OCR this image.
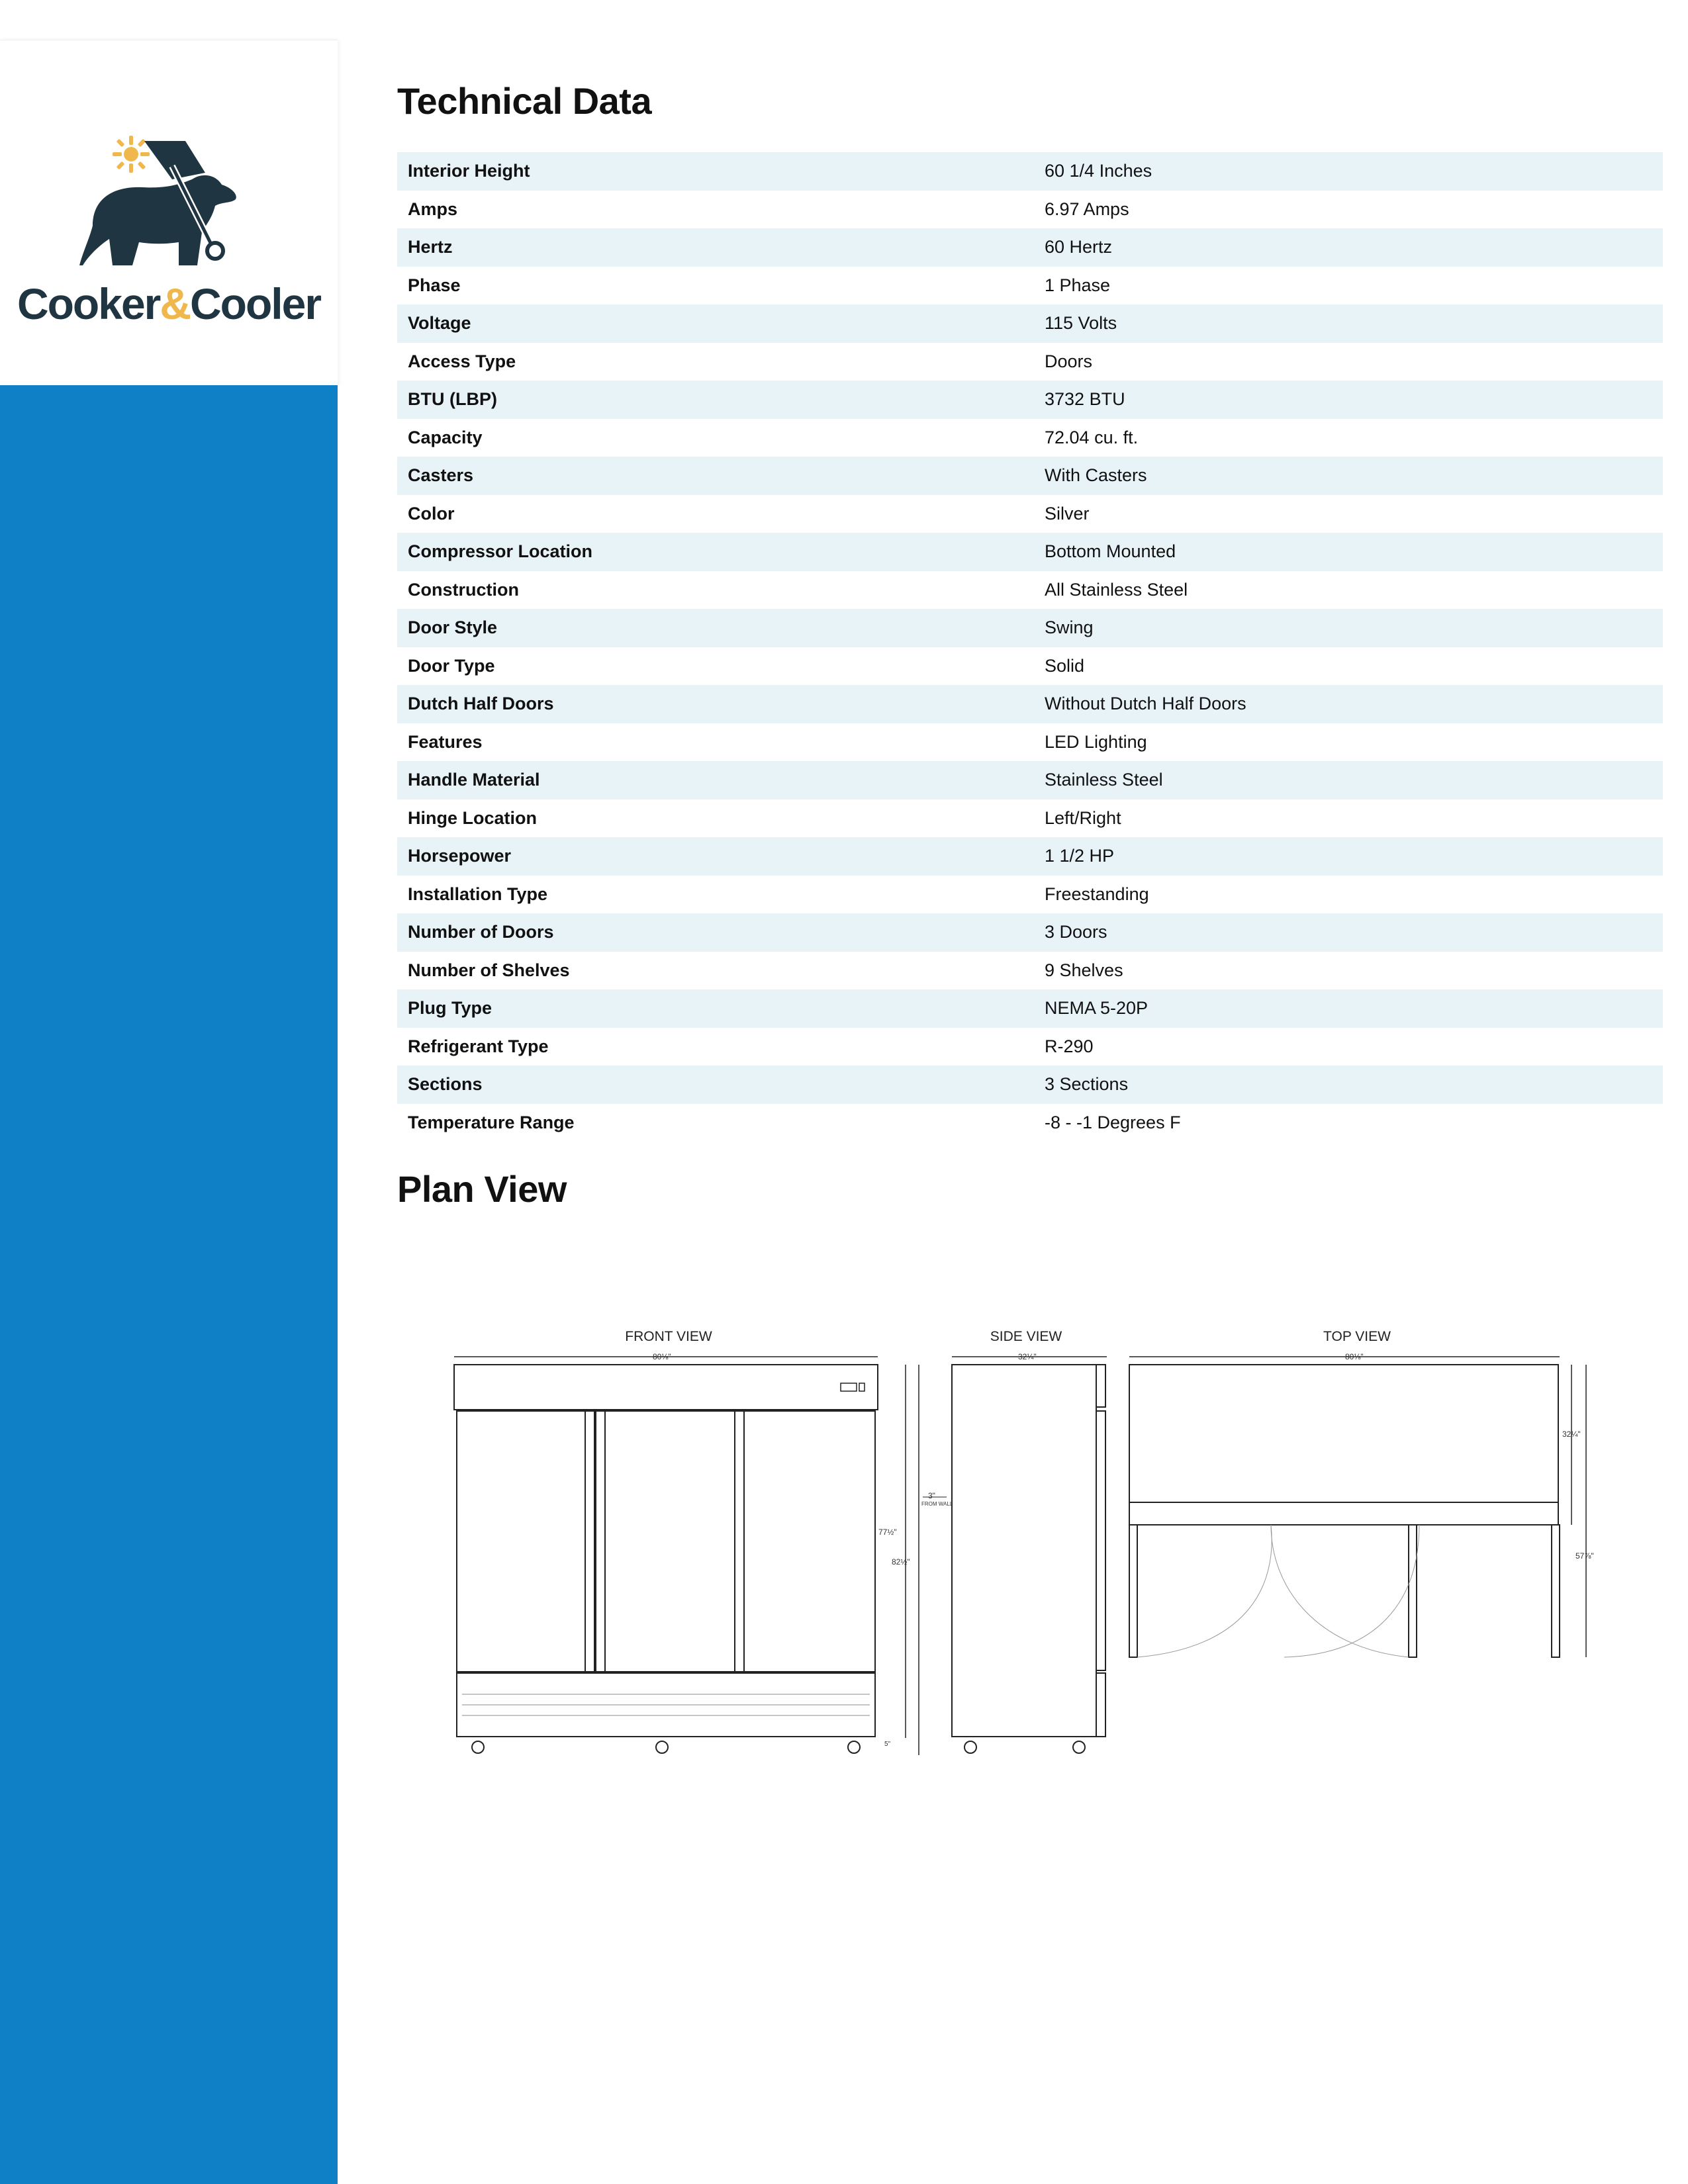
Cooker&Cooler
Technical Data
Interior Height	60 1/4 Inches
Amps	6.97 Amps
Hertz	60 Hertz
Phase	1 Phase
Voltage	115 Volts
Access Type	Doors
BTU (LBP)	3732 BTU
Capacity	72.04 cu. ft.
Casters	With Casters
Color	Silver
Compressor Location	Bottom Mounted
Construction	All Stainless Steel
Door Style	Swing
Door Type	Solid
Dutch Half Doors	Without Dutch Half Doors
Features	LED Lighting
Handle Material	Stainless Steel
Hinge Location	Left/Right
Horsepower	1 1/2 HP
Installation Type	Freestanding
Number of Doors	3 Doors
Number of Shelves	9 Shelves
Plug Type	NEMA 5-20P
Refrigerant Type	R-290
Sections	3 Sections
Temperature Range	-8 - -1 Degrees F
Plan View
FRONT VIEW	SIDE VIEW	TOP VIEW
80⅛"	32¼"	80⅛"
32¼"
57⅞"
77½"
82½"
5"
3"
FROM WALL
